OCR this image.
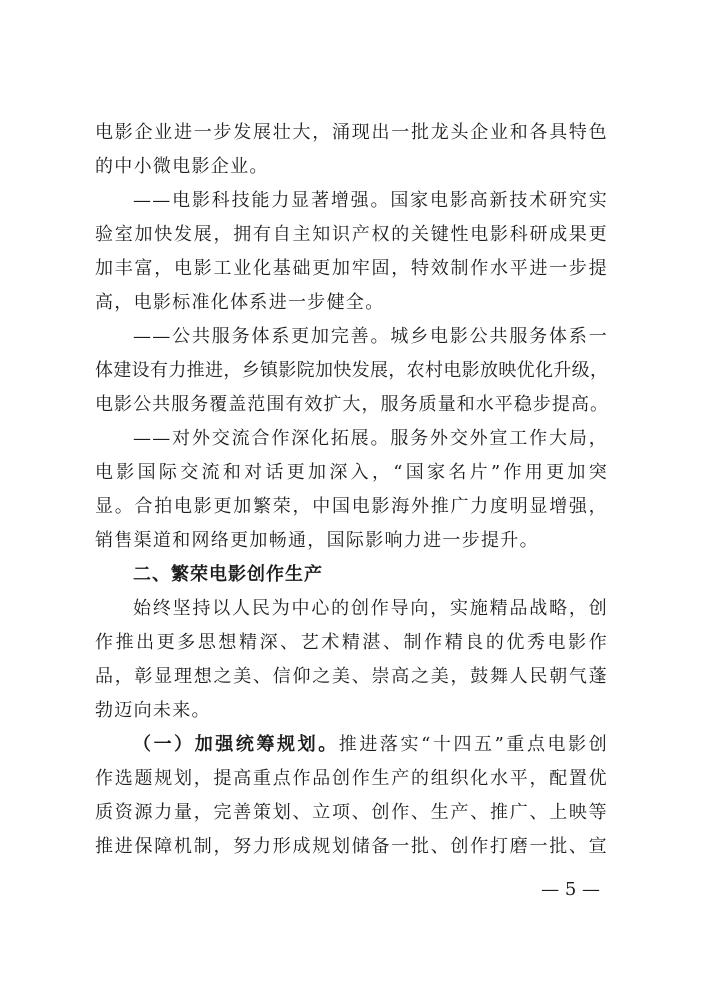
电影企业进一步发展壮大，涌现出一批龙头企业和各具特色
的中小微电影企业。
——电影科技能力显著增强。国家电影高新技术研究实
验室加快发展，拥有自主知识产权的关键性电影科研成果更
加丰富，电影工业化基础更加牢固，特效制作水平进一步提
高，电影标准化体系进一步健全。
——公共服务体系更加完善。城乡电影公共服务体系一
体建设有力推进，乡镇影院加快发展，农村电影放映优化升级，
电影公共服务覆盖范围有效扩大，服务质量和水平稳步提高。
——对外交流合作深化拓展。服务外交外宣工作大局，
电影国际交流和对话更加深入，“国家名片”作用更加突
显。合拍电影更加繁荣，中国电影海外推广力度明显增强，
销售渠道和网络更加畅通，国际影响力进一步提升。
二、繁荣电影创作生产
始终坚持以人民为中心的创作导向，实施精品战略，创
作推出更多思想精深、艺术精湛、制作精良的优秀电影作
品，彰显理想之美、信仰之美、崇高之美，鼓舞人民朝气蓬
勃迈向未来。
（一）加强统筹规划。推进落实“十四五”重点电影创
作选题规划，提高重点作品创作生产的组织化水平，配置优
质资源力量，完善策划、立项、创作、生产、推广、上映等
推进保障机制，努力形成规划储备一批、创作打磨一批、宣
— 5 —
